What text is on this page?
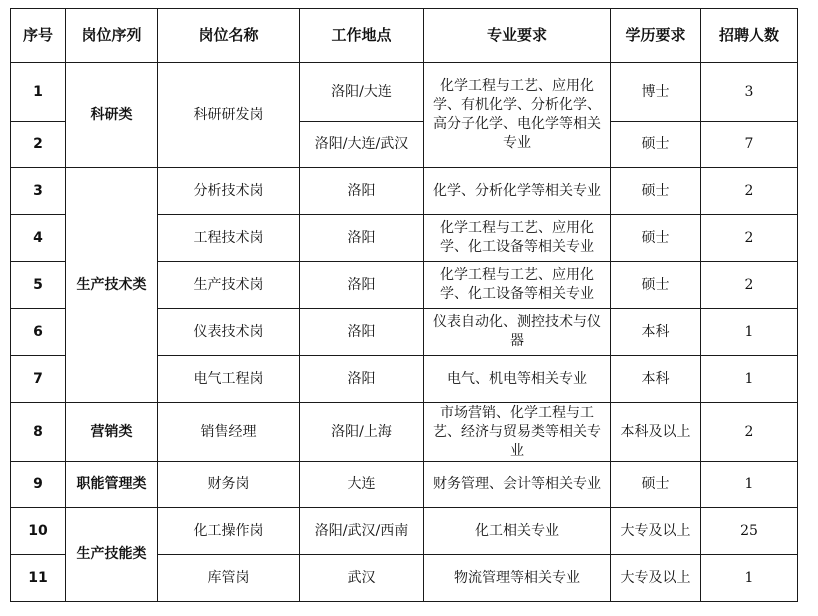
序号	岗位序列	岗位名称	工作地点	专业要求	学历要求	招聘人数
1	科研类	科研研发岗	洛阳/大连	化学工程与工艺、应用化学、有机化学、分析化学、高分子化学、电化学等相关专业	博士	3
2			洛阳/大连/武汉		硕士	7
3	生产技术类	分析技术岗	洛阳	化学、分析化学等相关专业	硕士	2
4		工程技术岗	洛阳	化学工程与工艺、应用化学、化工设备等相关专业	硕士	2
5		生产技术岗	洛阳	化学工程与工艺、应用化学、化工设备等相关专业	硕士	2
6		仪表技术岗	洛阳	仪表自动化、测控技术与仪器	本科	1
7		电气工程岗	洛阳	电气、机电等相关专业	本科	1
8	营销类	销售经理	洛阳/上海	市场营销、化学工程与工艺、经济与贸易类等相关专业	本科及以上	2
9	职能管理类	财务岗	大连	财务管理、会计等相关专业	硕士	1
10	生产技能类	化工操作岗	洛阳/武汉/西南	化工相关专业	大专及以上	25
11		库管岗	武汉	物流管理等相关专业	大专及以上	1
